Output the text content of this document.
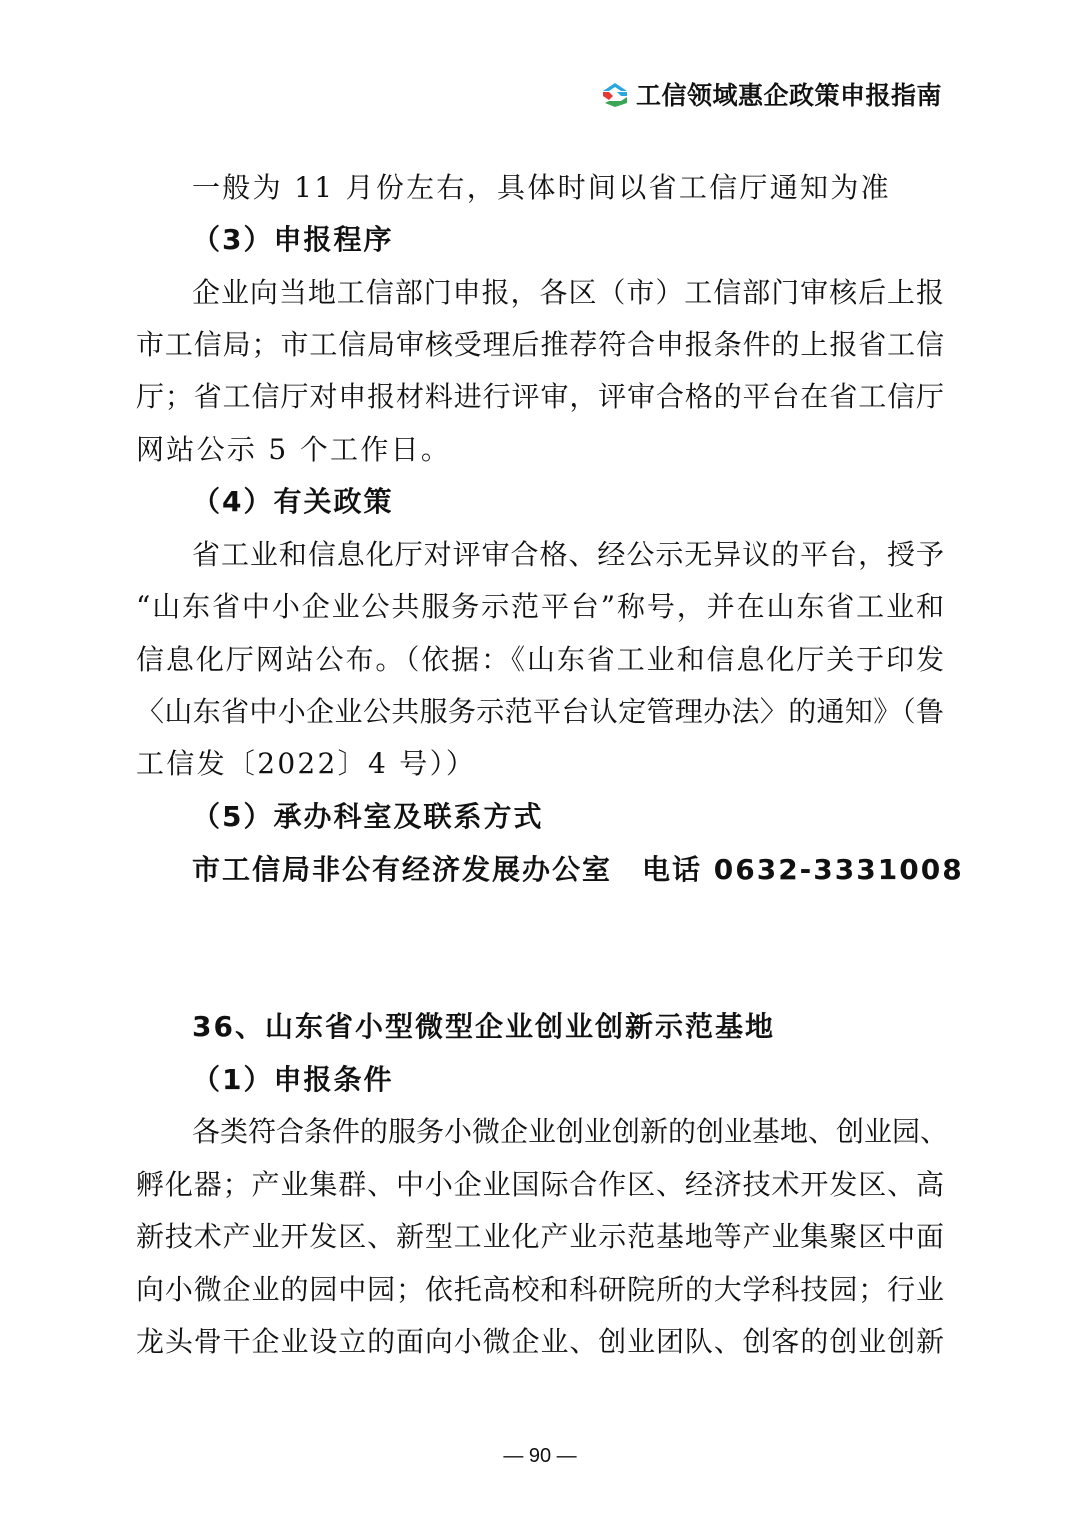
工信领域惠企政策申报指南
一般为 11 月份左右，具体时间以省工信厅通知为准
（3）申报程序
企业向当地工信部门申报，各区（市）工信部门审核后上报
市工信局；市工信局审核受理后推荐符合申报条件的上报省工信
厅；省工信厅对申报材料进行评审，评审合格的平台在省工信厅
网站公示 5 个工作日。
（4）有关政策
省工业和信息化厅对评审合格、经公示无异议的平台，授予
“山东省中小企业公共服务示范平台”称号，并在山东省工业和
信息化厅网站公布。（依据：《山东省工业和信息化厅关于印发
〈山东省中小企业公共服务示范平台认定管理办法〉的通知》（鲁
工信发〔2022〕4 号））
（5）承办科室及联系方式
市工信局非公有经济发展办公室　电话 0632-3331008
36、山东省小型微型企业创业创新示范基地
（1）申报条件
各类符合条件的服务小微企业创业创新的创业基地、创业园、
孵化器；产业集群、中小企业国际合作区、经济技术开发区、高
新技术产业开发区、新型工业化产业示范基地等产业集聚区中面
向小微企业的园中园；依托高校和科研院所的大学科技园；行业
龙头骨干企业设立的面向小微企业、创业团队、创客的创业创新
— 90 —
